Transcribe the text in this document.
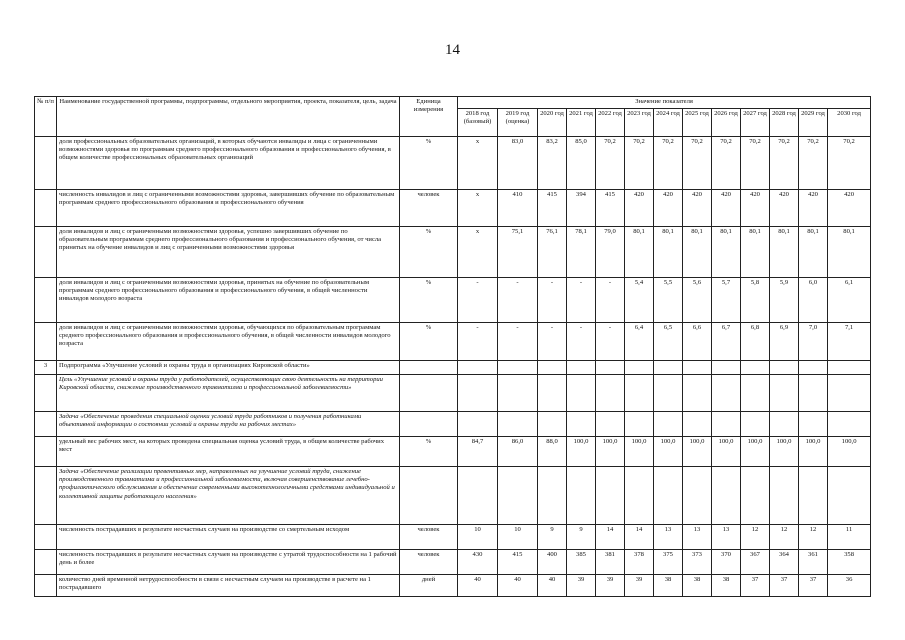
14
№ п/п	Наименование государственной программы, подпрограммы, отдельного мероприятия, проекта, показателя, цель, задача	Единица измерения	Значение показателя												
			2018 год (базовый)	2019 год (оценка)	2020 год	2021 год	2022 год	2023 год	2024 год	2025 год	2026 год	2027 год	2028 год	2029 год	2030 год
	доля профессиональных образовательных организаций, в которых обучаются инвалиды и лица с ограниченными возможностями здоровья по программам среднего профессионального образования и профессионального обучения, в общем количестве профессиональных образовательных организаций	%	x	83,0	83,2	85,0	70,2	70,2	70,2	70,2	70,2	70,2	70,2	70,2	70,2
	численность инвалидов и лиц с ограниченными возможностями здоровья, завершивших обучение по образовательным программам среднего профессионального образования и профессионального обучения	человек	x	410	415	394	415	420	420	420	420	420	420	420	420
	доля инвалидов и лиц с ограниченными возможностями здоровья, успешно завершивших обучение по образовательным программам среднего профессионального образования и профессионального обучения, от числа принятых на обучение инвалидов и лиц с ограниченными возможностями здоровья	%	x	75,1	76,1	78,1	79,0	80,1	80,1	80,1	80,1	80,1	80,1	80,1	80,1
	доля инвалидов и лиц с ограниченными возможностями здоровья, принятых на обучение по образовательным программам среднего профессионального образования и профессионального обучения, в общей численности инвалидов молодого возраста	%	-	-	-	-	-	5,4	5,5	5,6	5,7	5,8	5,9	6,0	6,1
	доля инвалидов и лиц с ограниченными возможностями здоровья, обучающихся по образовательным программам среднего профессионального образования и профессионального обучения, в общей численности инвалидов молодого возраста	%	-	-	-	-	-	6,4	6,5	6,6	6,7	6,8	6,9	7,0	7,1
3	Подпрограмма «Улучшение условий и охраны труда в организациях Кировской области»														
	Цель «Улучшение условий и охраны труда у работодателей, осуществляющих свою деятельность на территории Кировской области, снижение производственного травматизма и профессиональной заболеваемости»														
	Задача «Обеспечение проведения специальной оценки условий труда работников и получения работниками объективной информации о состоянии условий и охраны труда на рабочих местах»														
	удельный вес рабочих мест, на которых проведена специальная оценка условий труда, в общем количестве рабочих мест	%	84,7	86,0	88,0	100,0	100,0	100,0	100,0	100,0	100,0	100,0	100,0	100,0	100,0
	Задача «Обеспечение реализации превентивных мер, направленных на улучшение условий труда, снижение производственного травматизма и профессиональной заболеваемости, включая совершенствование лечебно-профилактического обслуживания и обеспечение современными высокотехнологичными средствами индивидуальной и коллективной защиты работающего населения»														
	численность пострадавших в результате несчастных случаев на производстве со смертельным исходом	человек	10	10	9	9	14	14	13	13	13	12	12	12	11
	численность пострадавших в результате несчастных случаев на производстве с утратой трудоспособности на 1 рабочий день и более	человек	430	415	400	385	381	378	375	373	370	367	364	361	358
	количество дней временной нетрудоспособности в связи с несчастным случаем на производстве в расчете на 1 пострадавшего	дней	40	40	40	39	39	39	38	38	38	37	37	37	36
